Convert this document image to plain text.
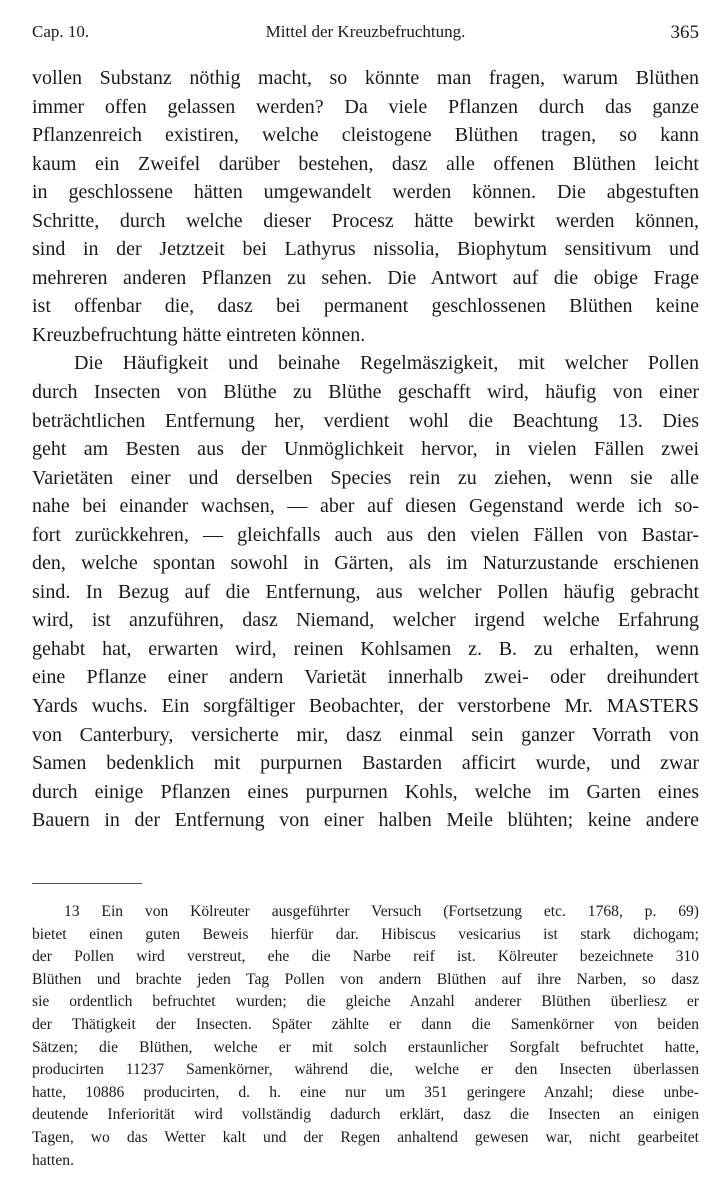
Cap. 10.	Mittel der Kreuzbefruchtung.	365
vollen Substanz nöthig macht, so könnte man fragen, warum Blüthen
immer offen gelassen werden? Da viele Pflanzen durch das ganze
Pflanzenreich existiren, welche cleistogene Blüthen tragen, so kann
kaum ein Zweifel darüber bestehen, dasz alle offenen Blüthen leicht
in geschlossene hätten umgewandelt werden können. Die abgestuften
Schritte, durch welche dieser Procesz hätte bewirkt werden können,
sind in der Jetztzeit bei Lathyrus nissolia, Biophytum sensitivum und
mehreren anderen Pflanzen zu sehen. Die Antwort auf die obige Frage
ist offenbar die, dasz bei permanent geschlossenen Blüthen keine
Kreuzbefruchtung hätte eintreten können.
Die Häufigkeit und beinahe Regelmäszigkeit, mit welcher Pollen
durch Insecten von Blüthe zu Blüthe geschafft wird, häufig von einer
beträchtlichen Entfernung her, verdient wohl die Beachtung 13. Dies
geht am Besten aus der Unmöglichkeit hervor, in vielen Fällen zwei
Varietäten einer und derselben Species rein zu ziehen, wenn sie alle
nahe bei einander wachsen, — aber auf diesen Gegenstand werde ich so-
fort zurückkehren, — gleichfalls auch aus den vielen Fällen von Bastar-
den, welche spontan sowohl in Gärten, als im Naturzustande erschienen
sind. In Bezug auf die Entfernung, aus welcher Pollen häufig gebracht
wird, ist anzuführen, dasz Niemand, welcher irgend welche Erfahrung
gehabt hat, erwarten wird, reinen Kohlsamen z. B. zu erhalten, wenn
eine Pflanze einer andern Varietät innerhalb zwei- oder dreihundert
Yards wuchs. Ein sorgfältiger Beobachter, der verstorbene Mr. MASTERS
von Canterbury, versicherte mir, dasz einmal sein ganzer Vorrath von
Samen bedenklich mit purpurnen Bastarden afficirt wurde, und zwar
durch einige Pflanzen eines purpurnen Kohls, welche im Garten eines
Bauern in der Entfernung von einer halben Meile blühten; keine andere
13 Ein von Kölreuter ausgeführter Versuch (Fortsetzung etc. 1768, p. 69)
bietet einen guten Beweis hierfür dar. Hibiscus vesicarius ist stark dichogam;
der Pollen wird verstreut, ehe die Narbe reif ist. Kölreuter bezeichnete 310
Blüthen und brachte jeden Tag Pollen von andern Blüthen auf ihre Narben, so dasz
sie ordentlich befruchtet wurden; die gleiche Anzahl anderer Blüthen überliesz er
der Thätigkeit der Insecten. Später zählte er dann die Samenkörner von beiden
Sätzen; die Blüthen, welche er mit solch erstaunlicher Sorgfalt befruchtet hatte,
producirten 11237 Samenkörner, während die, welche er den Insecten überlassen
hatte, 10886 producirten, d. h. eine nur um 351 geringere Anzahl; diese unbe-
deutende Inferiorität wird vollständig dadurch erklärt, dasz die Insecten an einigen
Tagen, wo das Wetter kalt und der Regen anhaltend gewesen war, nicht gearbeitet
hatten.
